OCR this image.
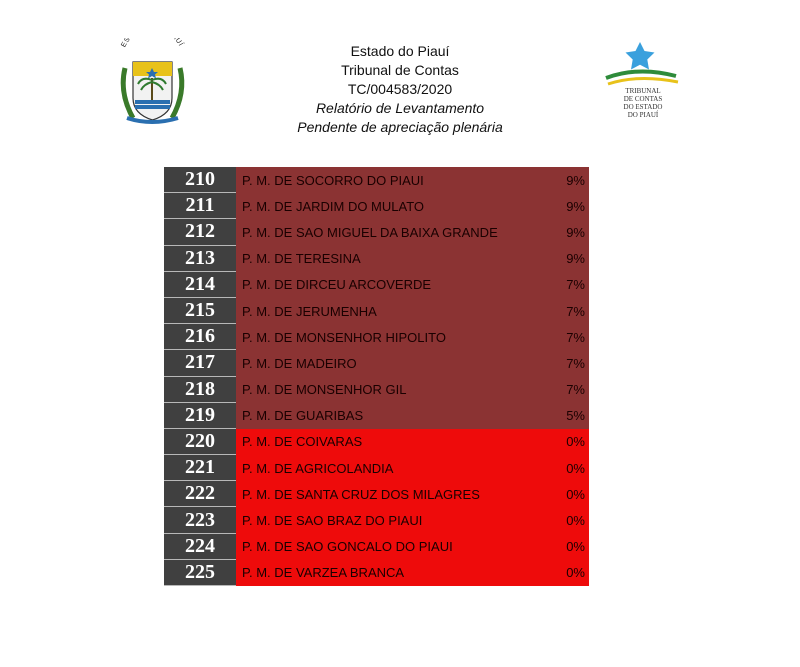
ES UÍ	Estado do Piauí
Tribunal de Contas
TC/004583/2020
Relatório de Levantamento
Pendente de apreciação plenária
TRIBUNAL
DE CONTAS
DO ESTADO
DO PIAUÍ
210	P. M. DE SOCORRO DO PIAUI	9%
211	P. M. DE JARDIM DO MULATO	9%
212	P. M. DE SAO MIGUEL DA BAIXA GRANDE	9%
213	P. M. DE TERESINA	9%
214	P. M. DE DIRCEU ARCOVERDE	7%
215	P. M. DE JERUMENHA	7%
216	P. M. DE MONSENHOR HIPOLITO	7%
217	P. M. DE MADEIRO	7%
218	P. M. DE MONSENHOR GIL	7%
219	P. M. DE GUARIBAS	5%
220	P. M. DE COIVARAS	0%
221	P. M. DE AGRICOLANDIA	0%
222	P. M. DE SANTA CRUZ DOS MILAGRES	0%
223	P. M. DE SAO BRAZ DO PIAUI	0%
224	P. M. DE SAO GONCALO DO PIAUI	0%
225	P. M. DE VARZEA BRANCA	0%
